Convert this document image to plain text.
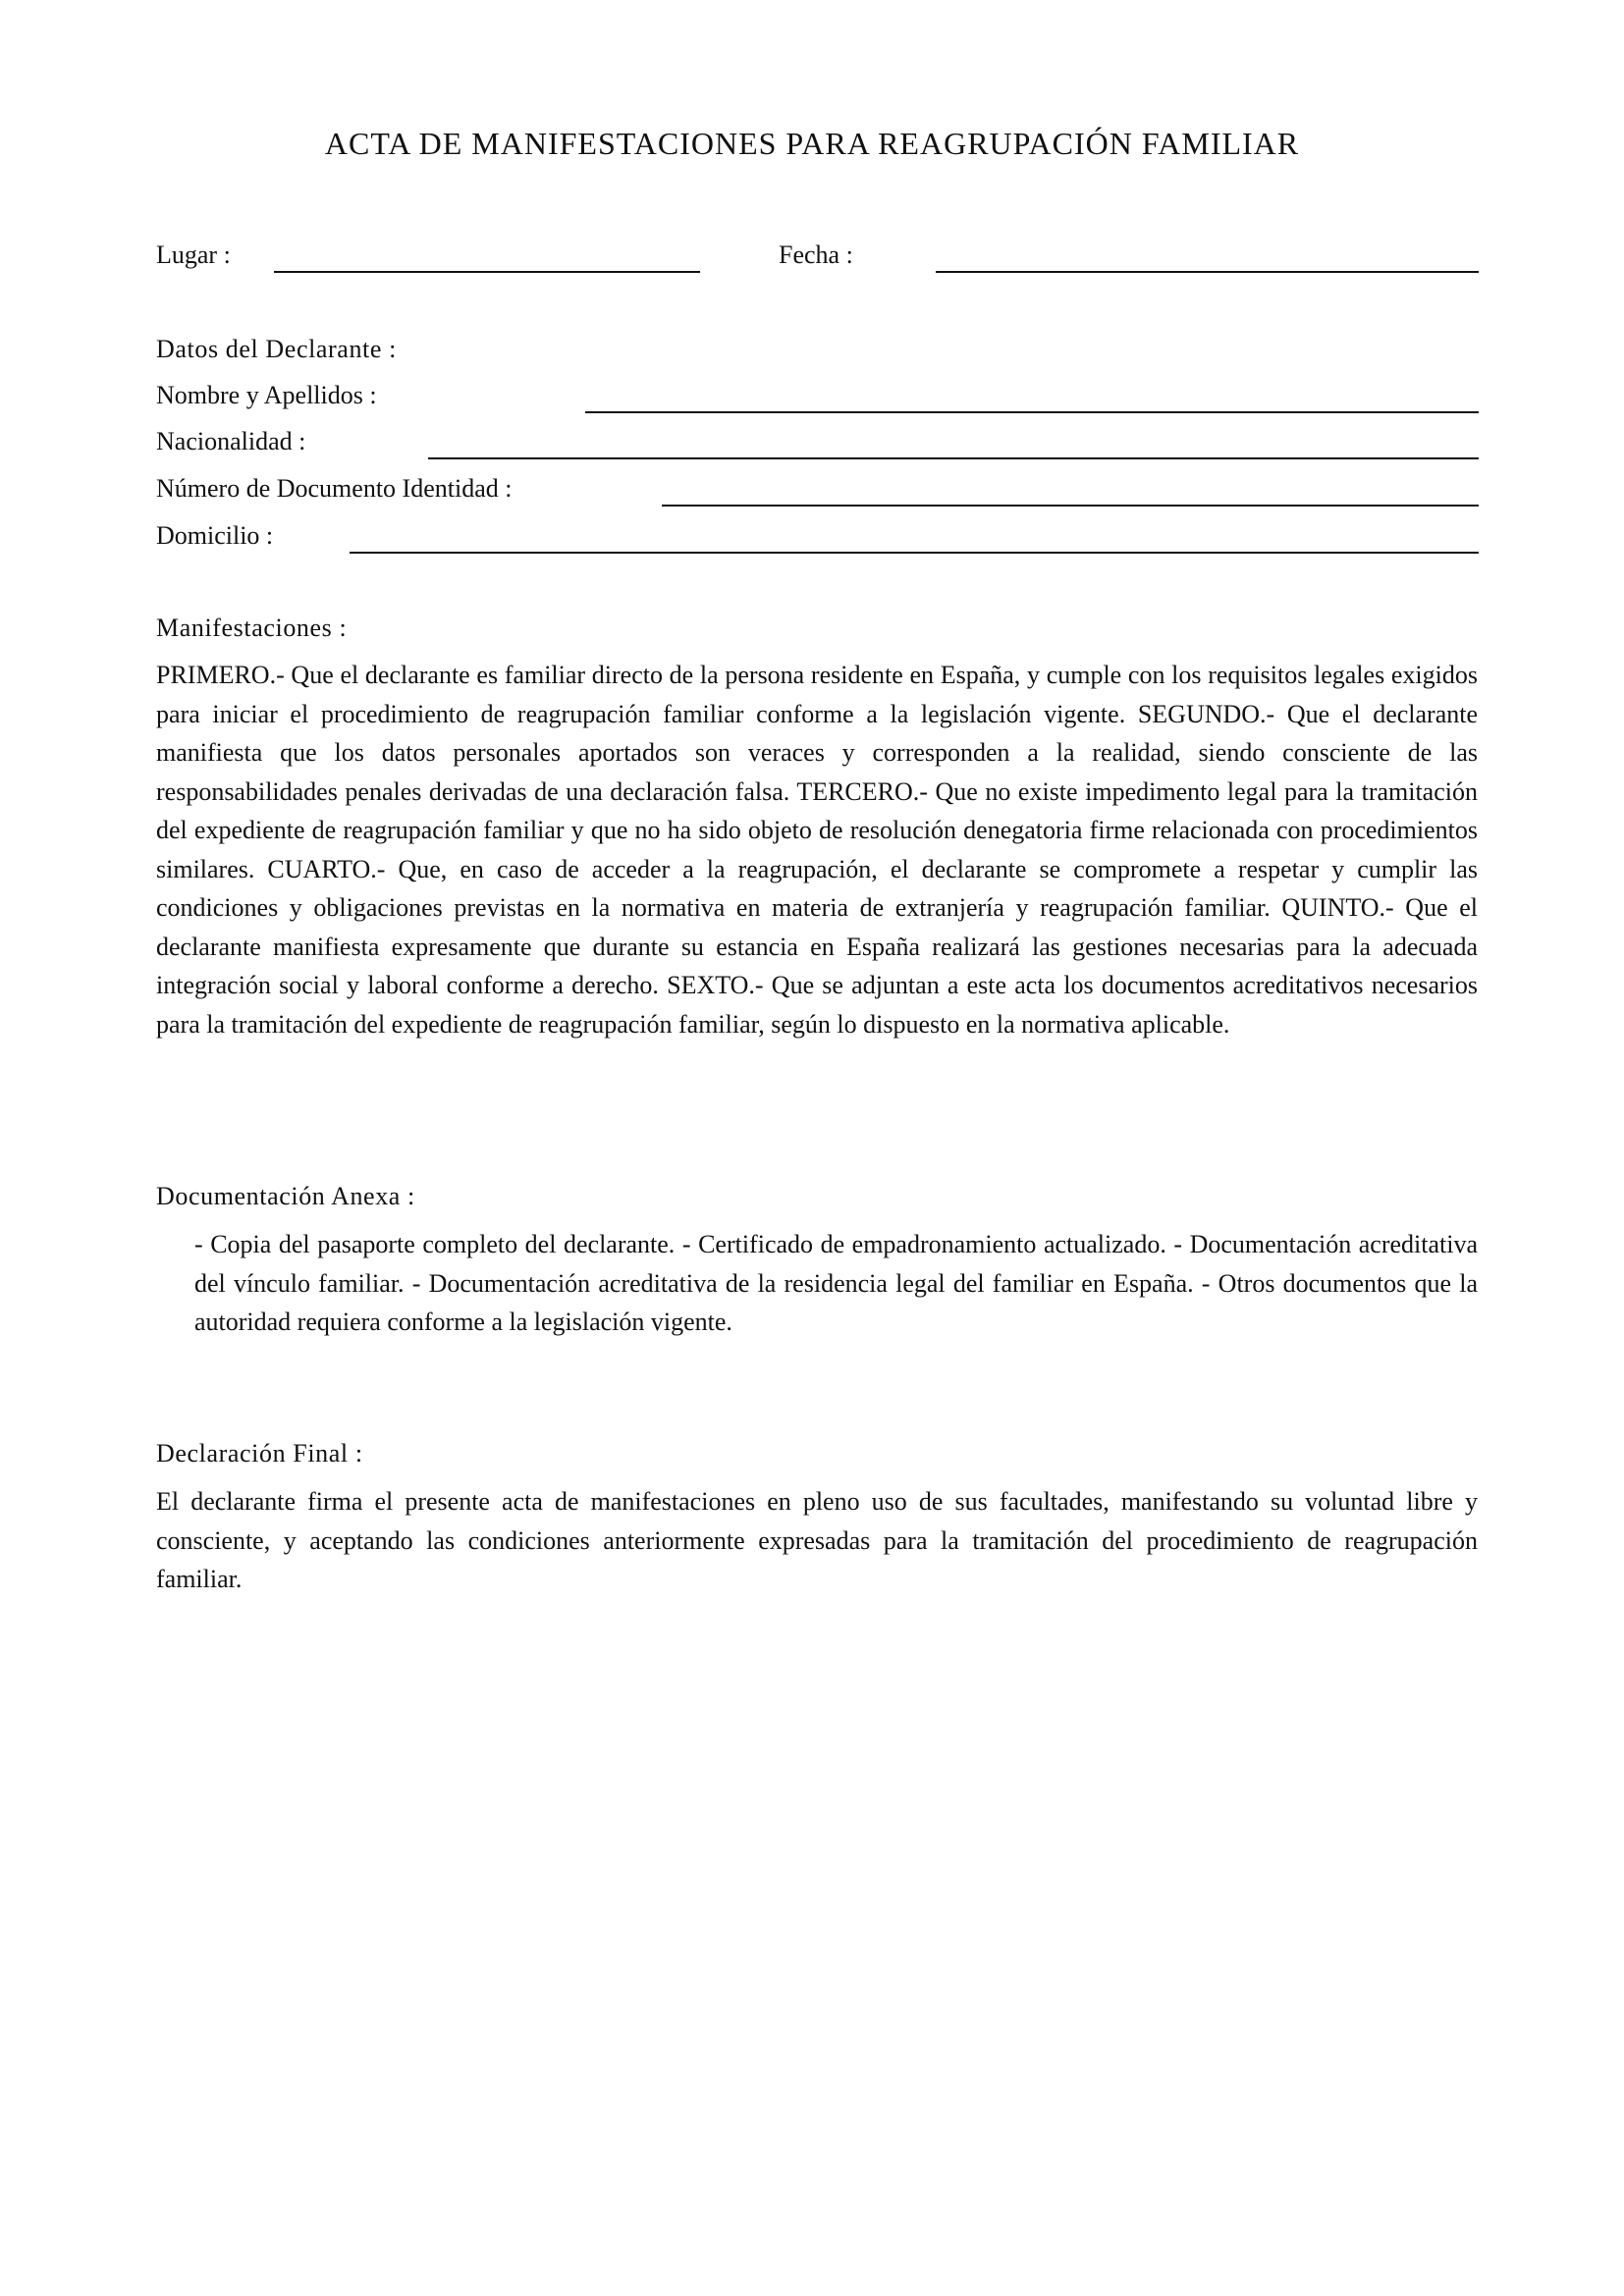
ACTA DE MANIFESTACIONES PARA REAGRUPACIÓN FAMILIAR
Lugar :	Fecha :
Datos del Declarante :
Nombre y Apellidos :
Nacionalidad :
Número de Documento Identidad :
Domicilio :
Manifestaciones :
PRIMERO.- Que el declarante es familiar directo de la persona residente en España, y cumple con los requisitos legales exigidos para iniciar el procedimiento de reagrupación familiar conforme a la legislación vigente. SEGUNDO.- Que el declarante manifiesta que los datos personales aportados son veraces y corresponden a la realidad, siendo consciente de las responsabilidades penales derivadas de una declaración falsa. TERCERO.- Que no existe impedimento legal para la tramitación del expediente de reagrupación familiar y que no ha sido objeto de resolución denegatoria firme relacionada con procedimientos similares. CUARTO.- Que, en caso de acceder a la reagrupación, el declarante se compromete a respetar y cumplir las condiciones y obligaciones previstas en la normativa en materia de extranjería y reagrupación familiar. QUINTO.- Que el declarante manifiesta expresamente que durante su estancia en España realizará las gestiones necesarias para la adecuada integración social y laboral conforme a derecho. SEXTO.- Que se adjuntan a este acta los documentos acreditativos necesarios para la tramitación del expediente de reagrupación familiar, según lo dispuesto en la normativa aplicable.
Documentación Anexa :
- Copia del pasaporte completo del declarante. - Certificado de empadronamiento actualizado. - Documentación acreditativa del vínculo familiar. - Documentación acreditativa de la residencia legal del familiar en España. - Otros documentos que la autoridad requiera conforme a la legislación vigente.
Declaración Final :
El declarante firma el presente acta de manifestaciones en pleno uso de sus facultades, manifestando su voluntad libre y consciente, y aceptando las condiciones anteriormente expresadas para la tramitación del procedimiento de reagrupación familiar.
